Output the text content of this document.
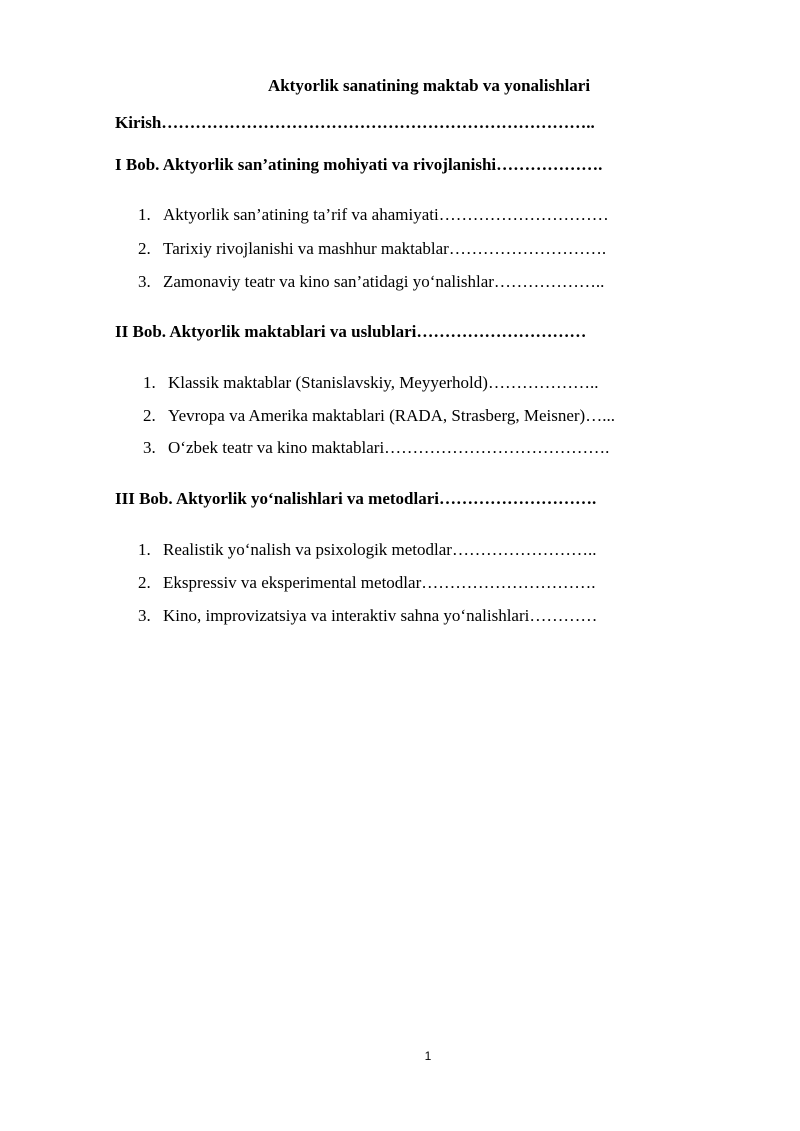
Aktyorlik sanatining maktab va yonalishlari
Kirish…………………………………………………………………..
I Bob. Aktyorlik san’atining mohiyati va rivojlanishi……………….
1. Aktyorlik san’atining ta’rif va ahamiyati…………………………
2. Tarixiy rivojlanishi va mashhur maktablar……………………….
3. Zamonaviy teatr va kino san’atidagi yo‘nalishlar………………..
II Bob. Aktyorlik maktablari va uslublari…………………………
1. Klassik maktablar (Stanislavskiy, Meyyerhold)………………..
2. Yevropa va Amerika maktablari (RADA, Strasberg, Meisner)…...
3. O‘zbek teatr va kino maktablari………………………………….
III Bob. Aktyorlik yo‘nalishlari va metodlari……………………….
1. Realistik yo‘nalish va psixologik metodlar……………………..
2. Ekspressiv va eksperimental metodlar………………………….
3. Kino, improvizatsiya va interaktiv sahna yo‘nalishlari…………
1
